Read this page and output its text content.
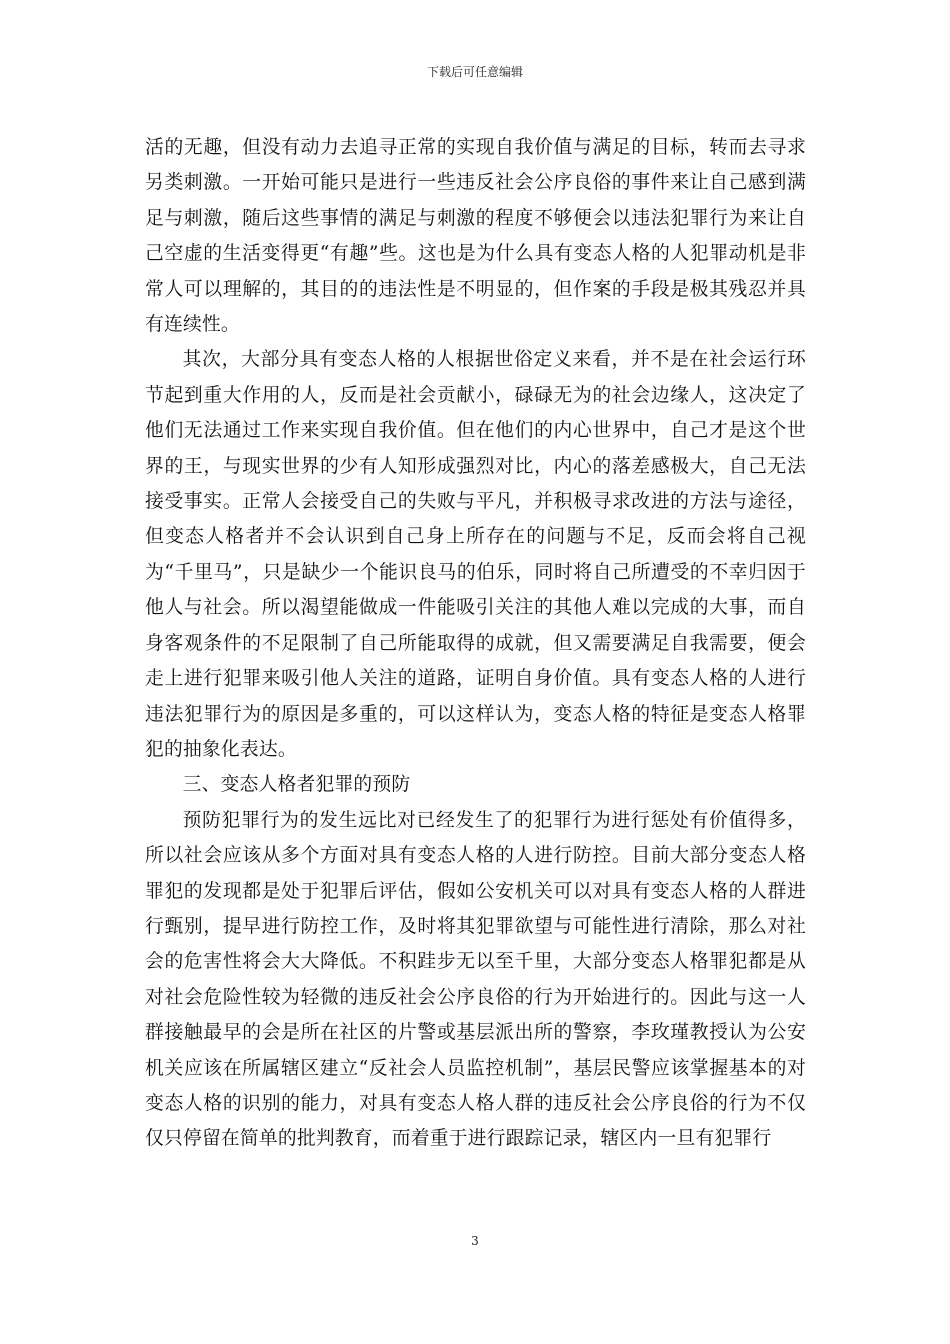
下载后可任意编辑

活的无趣，但没有动力去追寻正常的实现自我价值与满足的目标，转而去寻求另类刺激。一开始可能只是进行一些违反社会公序良俗的事件来让自己感到满足与刺激，随后这些事情的满足与刺激的程度不够便会以违法犯罪行为来让自己空虚的生活变得更“有趣”些。这也是为什么具有变态人格的人犯罪动机是非常人可以理解的，其目的的违法性是不明显的，但作案的手段是极其残忍并具有连续性。

其次，大部分具有变态人格的人根据世俗定义来看，并不是在社会运行环节起到重大作用的人，反而是社会贡献小，碌碌无为的社会边缘人，这决定了他们无法通过工作来实现自我价值。但在他们的内心世界中，自己才是这个世界的王，与现实世界的少有人知形成强烈对比，内心的落差感极大，自己无法接受事实。正常人会接受自己的失败与平凡，并积极寻求改进的方法与途径，但变态人格者并不会认识到自己身上所存在的问题与不足，反而会将自己视为“千里马”，只是缺少一个能识良马的伯乐，同时将自己所遭受的不幸归因于他人与社会。所以渴望能做成一件能吸引关注的其他人难以完成的大事，而自身客观条件的不足限制了自己所能取得的成就，但又需要满足自我需要，便会走上进行犯罪来吸引他人关注的道路，证明自身价值。具有变态人格的人进行违法犯罪行为的原因是多重的，可以这样认为，变态人格的特征是变态人格罪犯的抽象化表达。

三、变态人格者犯罪的预防

预防犯罪行为的发生远比对已经发生了的犯罪行为进行惩处有价值得多，所以社会应该从多个方面对具有变态人格的人进行防控。目前大部分变态人格罪犯的发现都是处于犯罪后评估，假如公安机关可以对具有变态人格的人群进行甄别，提早进行防控工作，及时将其犯罪欲望与可能性进行清除，那么对社会的危害性将会大大降低。不积跬步无以至千里，大部分变态人格罪犯都是从对社会危险性较为轻微的违反社会公序良俗的行为开始进行的。因此与这一人群接触最早的会是所在社区的片警或基层派出所的警察，李玫瑾教授认为公安机关应该在所属辖区建立“反社会人员监控机制”，基层民警应该掌握基本的对变态人格的识别的能力，对具有变态人格人群的违反社会公序良俗的行为不仅仅只停留在简单的批判教育，而着重于进行跟踪记录，辖区内一旦有犯罪行

3
